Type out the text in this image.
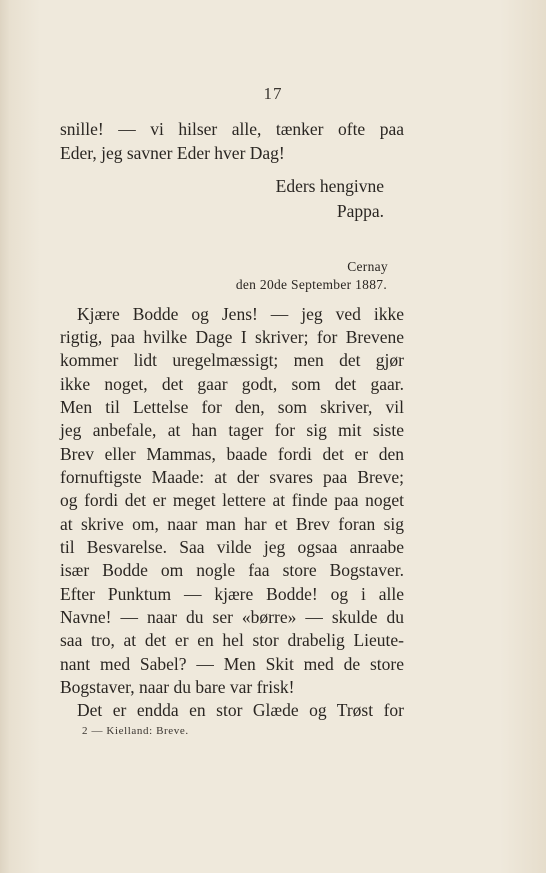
17
snille! — vi hilser alle, tænker ofte paa
Eder, jeg savner Eder hver Dag!
Eders hengivne
Pappa.
Cernay
den 20de September 1887.
Kjære Bodde og Jens! — jeg ved ikke
rigtig, paa hvilke Dage I skriver; for Brevene
kommer lidt uregelmæssigt; men det gjør
ikke noget, det gaar godt, som det gaar.
Men til Lettelse for den, som skriver, vil
jeg anbefale, at han tager for sig mit siste
Brev eller Mammas, baade fordi det er den
fornuftigste Maade: at der svares paa Breve;
og fordi det er meget lettere at finde paa noget
at skrive om, naar man har et Brev foran sig
til Besvarelse. Saa vilde jeg ogsaa anraabe
især Bodde om nogle faa store Bogstaver.
Efter Punktum — kjære Bodde! og i alle
Navne! — naar du ser «børre» — skulde du
saa tro, at det er en hel stor drabelig Lieute-
nant med Sabel? — Men Skit med de store
Bogstaver, naar du bare var frisk!
Det er endda en stor Glæde og Trøst for
2 — Kielland: Breve.
